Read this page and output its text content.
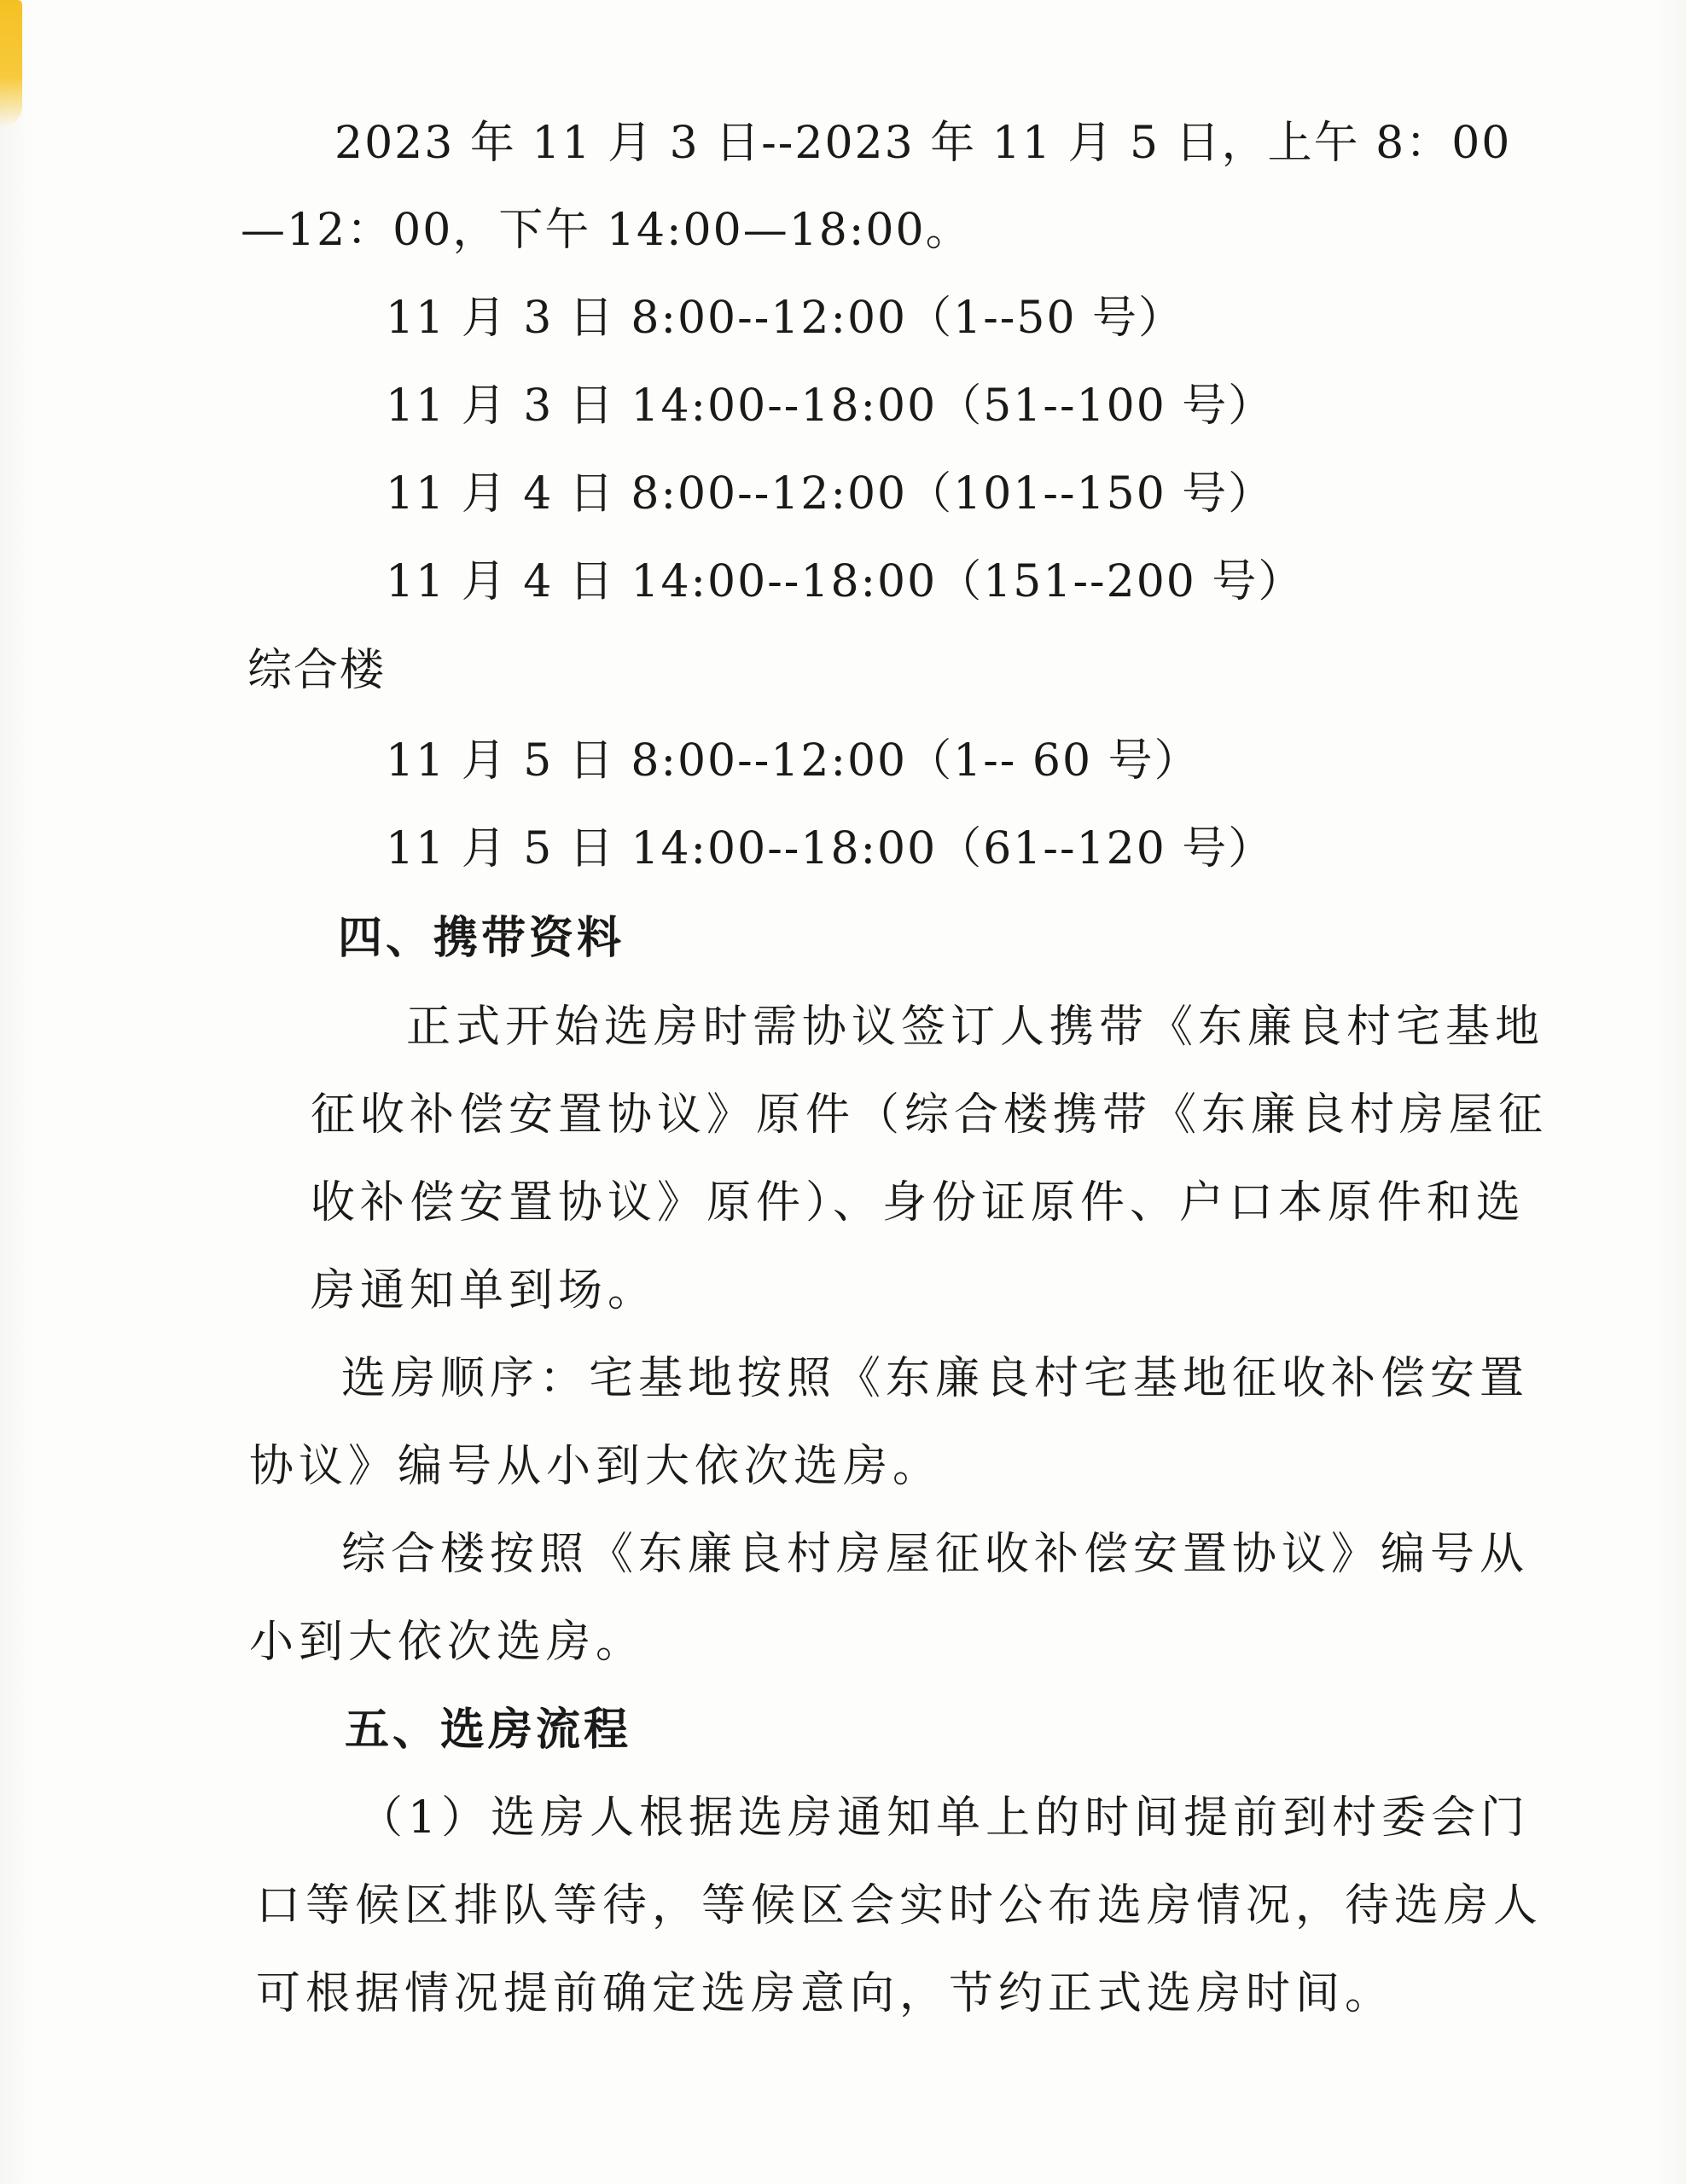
2023 年 11 月 3 日--2023 年 11 月 5 日，上午 8：00
—12：00，下午 14:00—18:00。
11 月 3 日 8:00--12:00（1--50 号）
11 月 3 日 14:00--18:00（51--100 号）
11 月 4 日 8:00--12:00（101--150 号）
11 月 4 日 14:00--18:00（151--200 号）
综合楼
11 月 5 日 8:00--12:00（1-- 60 号）
11 月 5 日 14:00--18:00（61--120 号）
四、携带资料
正式开始选房时需协议签订人携带《东廉良村宅基地
征收补偿安置协议》原件（综合楼携带《东廉良村房屋征
收补偿安置协议》原件）、身份证原件、户口本原件和选
房通知单到场。
选房顺序：宅基地按照《东廉良村宅基地征收补偿安置
协议》编号从小到大依次选房。
综合楼按照《东廉良村房屋征收补偿安置协议》编号从
小到大依次选房。
五、选房流程
（1）选房人根据选房通知单上的时间提前到村委会门
口等候区排队等待，等候区会实时公布选房情况，待选房人
可根据情况提前确定选房意向，节约正式选房时间。
